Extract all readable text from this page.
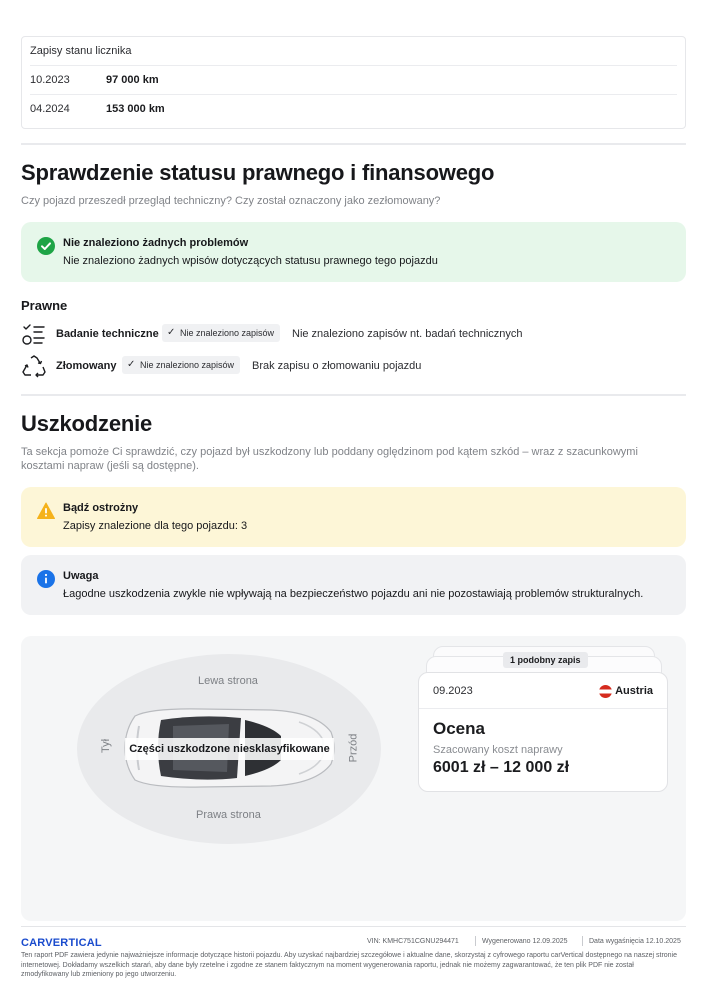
Zapisy stanu licznika
10.2023	97 000 km
04.2024	153 000 km
Sprawdzenie statusu prawnego i finansowego
Czy pojazd przeszedł przegląd techniczny? Czy został oznaczony jako zezłomowany?
Nie znaleziono żadnych problemów
Nie znaleziono żadnych wpisów dotyczących statusu prawnego tego pojazdu
Prawne
Badanie techniczne ✓ Nie znaleziono zapisów	Nie znaleziono zapisów nt. badań technicznych
Złomowany ✓ Nie znaleziono zapisów	Brak zapisu o złomowaniu pojazdu
Uszkodzenie
Ta sekcja pomoże Ci sprawdzić, czy pojazd był uszkodzony lub poddany oględzinom pod kątem szkód – wraz z szacunkowymi
kosztami napraw (jeśli są dostępne).
Bądź ostrożny
Zapisy znalezione dla tego pojazdu: 3
Uwaga
Łagodne uszkodzenia zwykle nie wpływają na bezpieczeństwo pojazdu ani nie pozostawiają problemów strukturalnych.
Lewa strona
Prawa strona
Tył	Przód
Części uszkodzone niesklasyfikowane
1 podobny zapis
09.2023	Austria
Ocena
Szacowany koszt naprawy
6001 zł – 12 000 zł
CARVERTICAL	VIN: KMHC751CGNU294471	Wygenerowano 12.09.2025	Data wygaśnięcia 12.10.2025
Ten raport PDF zawiera jedynie najważniejsze informacje dotyczące historii pojazdu. Aby uzyskać najbardziej szczegółowe i aktualne dane, skorzystaj z cyfrowego raportu carVertical dostępnego na naszej stronie internetowej. Dokładamy wszelkich starań, aby dane były rzetelne i zgodne ze stanem faktycznym na moment wygenerowania raportu, jednak nie możemy zagwarantować, że ten plik PDF nie został zmodyfikowany lub zmieniony po jego utworzeniu.
